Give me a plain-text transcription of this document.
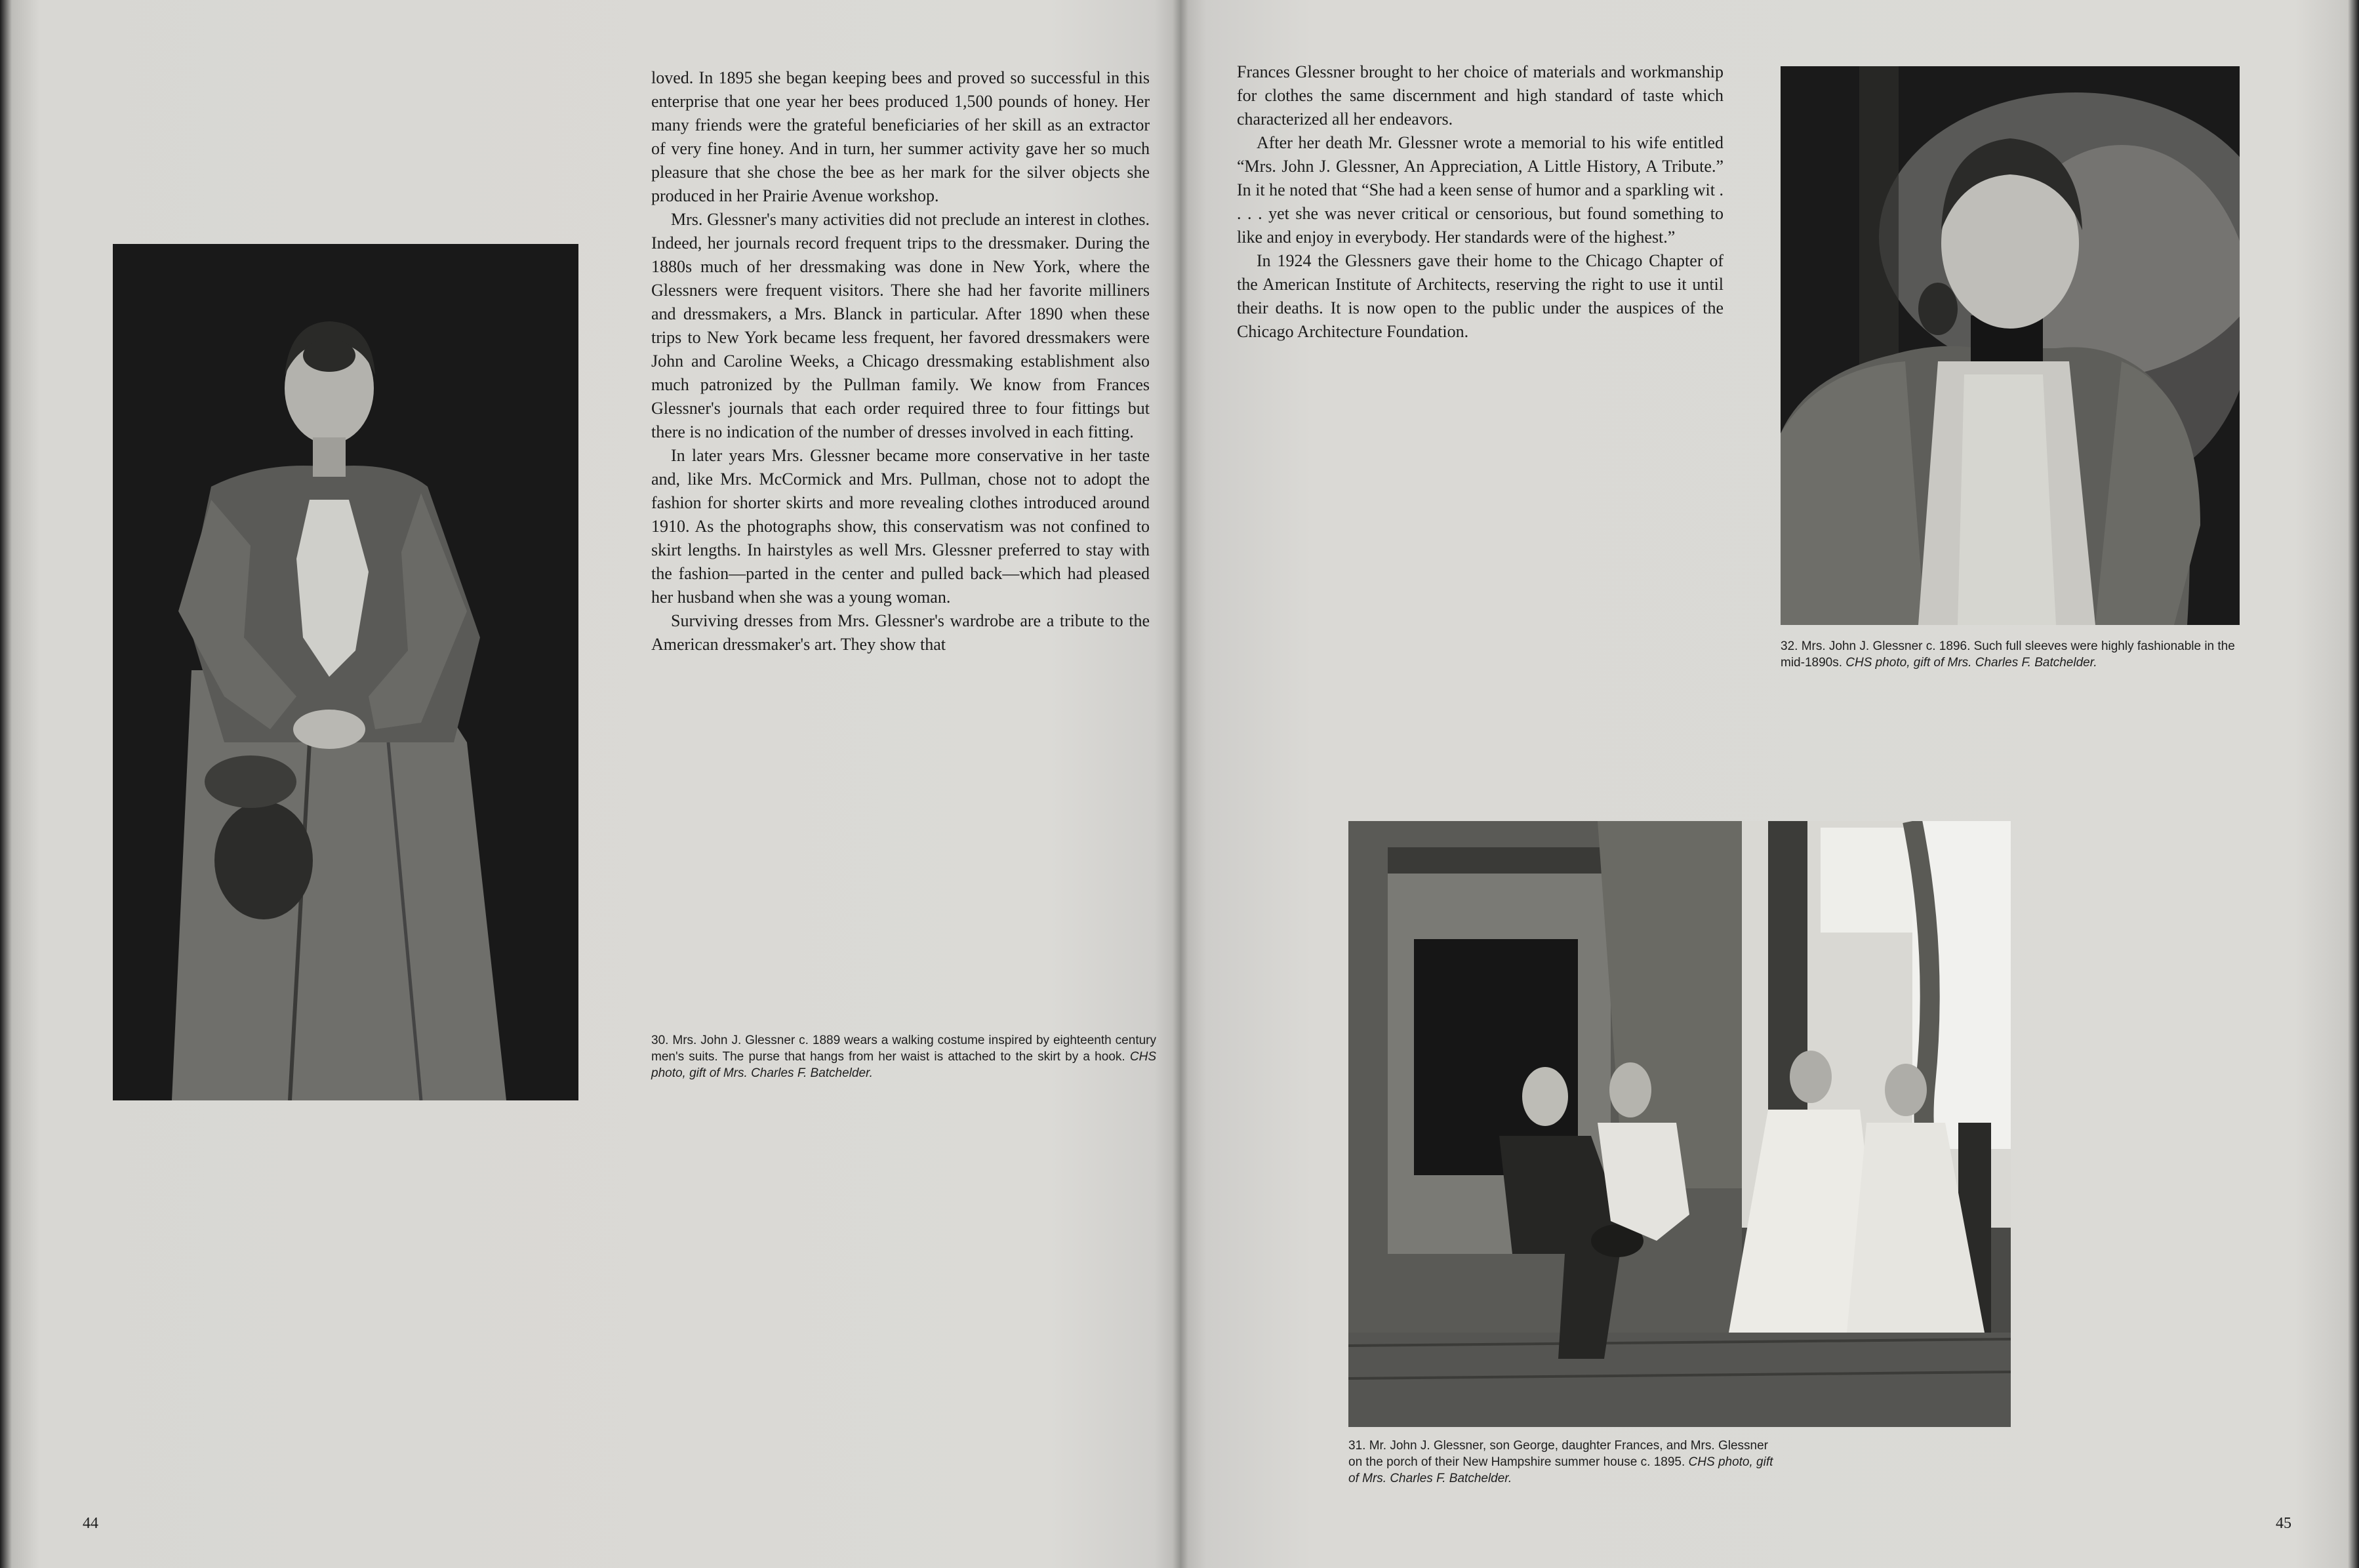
loved. In 1895 she began keeping bees and proved so successful in this enterprise that one year her bees produced 1,500 pounds of honey. Her many friends were the grateful beneficiaries of her skill as an extractor of very fine honey. And in turn, her summer activity gave her so much pleasure that she chose the bee as her mark for the silver objects she produced in her Prairie Avenue workshop.

Mrs. Glessner's many activities did not preclude an interest in clothes. Indeed, her journals record frequent trips to the dressmaker. During the 1880s much of her dressmaking was done in New York, where the Glessners were frequent visitors. There she had her favorite milliners and dressmakers, a Mrs. Blanck in particular. After 1890 when these trips to New York became less frequent, her favored dressmakers were John and Caroline Weeks, a Chicago dressmaking establishment also much patronized by the Pullman family. We know from Frances Glessner's journals that each order required three to four fittings but there is no indication of the number of dresses involved in each fitting.

In later years Mrs. Glessner became more conservative in her taste and, like Mrs. McCormick and Mrs. Pullman, chose not to adopt the fashion for shorter skirts and more revealing clothes introduced around 1910. As the photographs show, this conservatism was not confined to skirt lengths. In hairstyles as well Mrs. Glessner preferred to stay with the fashion—parted in the center and pulled back—which had pleased her husband when she was a young woman.

Surviving dresses from Mrs. Glessner's wardrobe are a tribute to the American dressmaker's art. They show that

30. Mrs. John J. Glessner c. 1889 wears a walking costume inspired by eighteenth century men's suits. The purse that hangs from her waist is attached to the skirt by a hook. CHS photo, gift of Mrs. Charles F. Batchelder.
44

Frances Glessner brought to her choice of materials and workmanship for clothes the same discernment and high standard of taste which characterized all her endeavors.

After her death Mr. Glessner wrote a memorial to his wife entitled “Mrs. John J. Glessner, An Appreciation, A Little History, A Tribute.” In it he noted that “She had a keen sense of humor and a sparkling wit . . . . yet she was never critical or censorious, but found something to like and enjoy in everybody. Her standards were of the highest.”

In 1924 the Glessners gave their home to the Chicago Chapter of the American Institute of Architects, reserving the right to use it until their deaths. It is now open to the public under the auspices of the Chicago Architecture Foundation.

32. Mrs. John J. Glessner c. 1896. Such full sleeves were highly fashionable in the mid-1890s. CHS photo, gift of Mrs. Charles F. Batchelder.
31. Mr. John J. Glessner, son George, daughter Frances, and Mrs. Glessner on the porch of their New Hampshire summer house c. 1895. CHS photo, gift of Mrs. Charles F. Batchelder.
45
